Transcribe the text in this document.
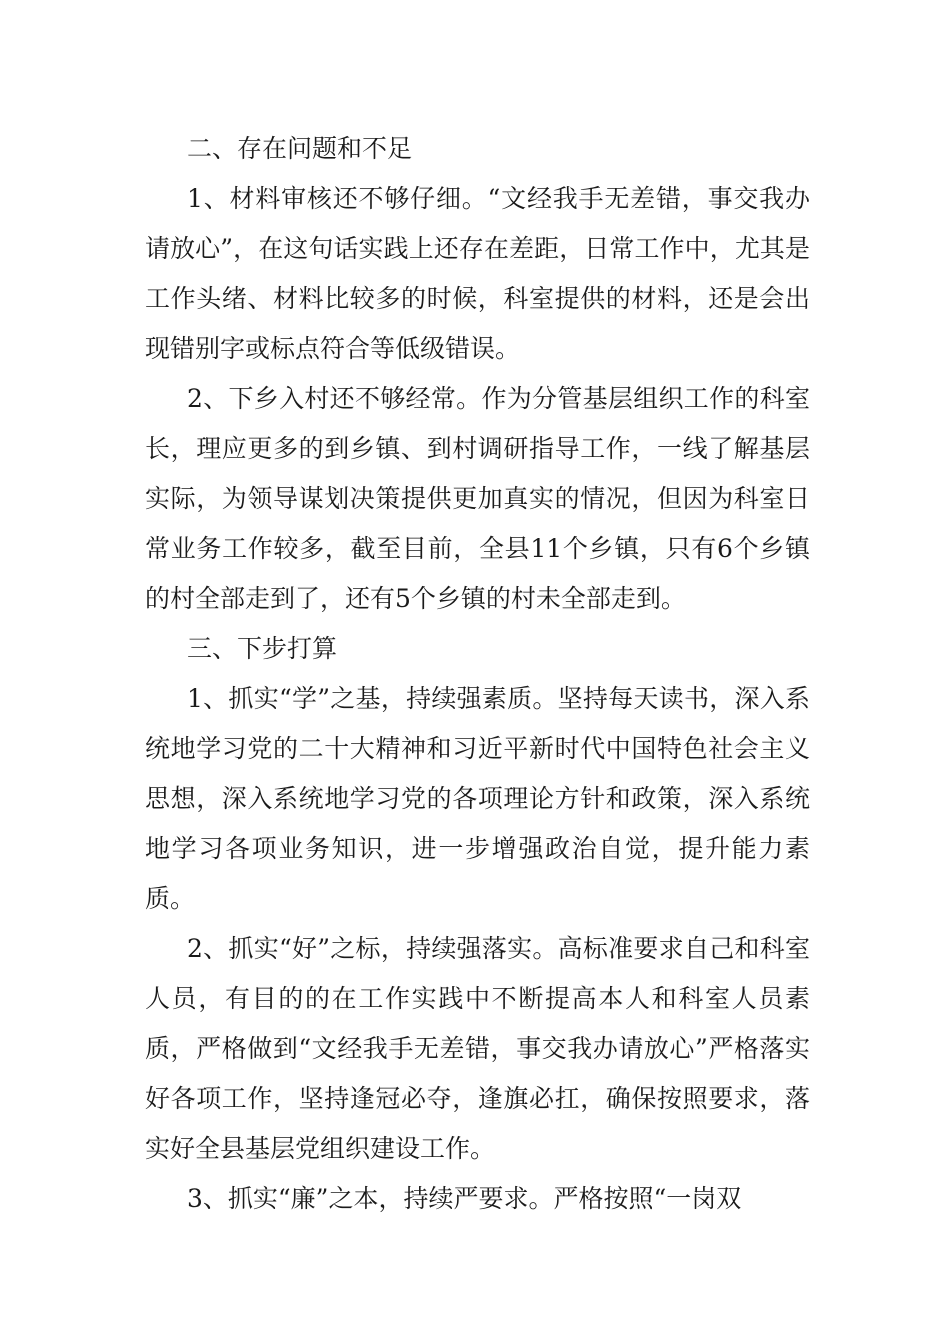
二、存在问题和不足

1、材料审核还不够仔细。“文经我手无差错，事交我办请放心”，在这句话实践上还存在差距，日常工作中，尤其是工作头绪、材料比较多的时候，科室提供的材料，还是会出现错别字或标点符合等低级错误。

2、下乡入村还不够经常。作为分管基层组织工作的科室长，理应更多的到乡镇、到村调研指导工作，一线了解基层实际，为领导谋划决策提供更加真实的情况，但因为科室日常业务工作较多，截至目前，全县11个乡镇，只有6个乡镇的村全部走到了，还有5个乡镇的村未全部走到。

三、下步打算

1、抓实“学”之基，持续强素质。坚持每天读书，深入系统地学习党的二十大精神和习近平新时代中国特色社会主义思想，深入系统地学习党的各项理论方针和政策，深入系统地学习各项业务知识，进一步增强政治自觉，提升能力素质。

2、抓实“好”之标，持续强落实。高标准要求自己和科室人员，有目的的在工作实践中不断提高本人和科室人员素质，严格做到“文经我手无差错，事交我办请放心”严格落实好各项工作，坚持逢冠必夺，逢旗必扛，确保按照要求，落实好全县基层党组织建设工作。

3、抓实“廉”之本，持续严要求。严格按照“一岗双
